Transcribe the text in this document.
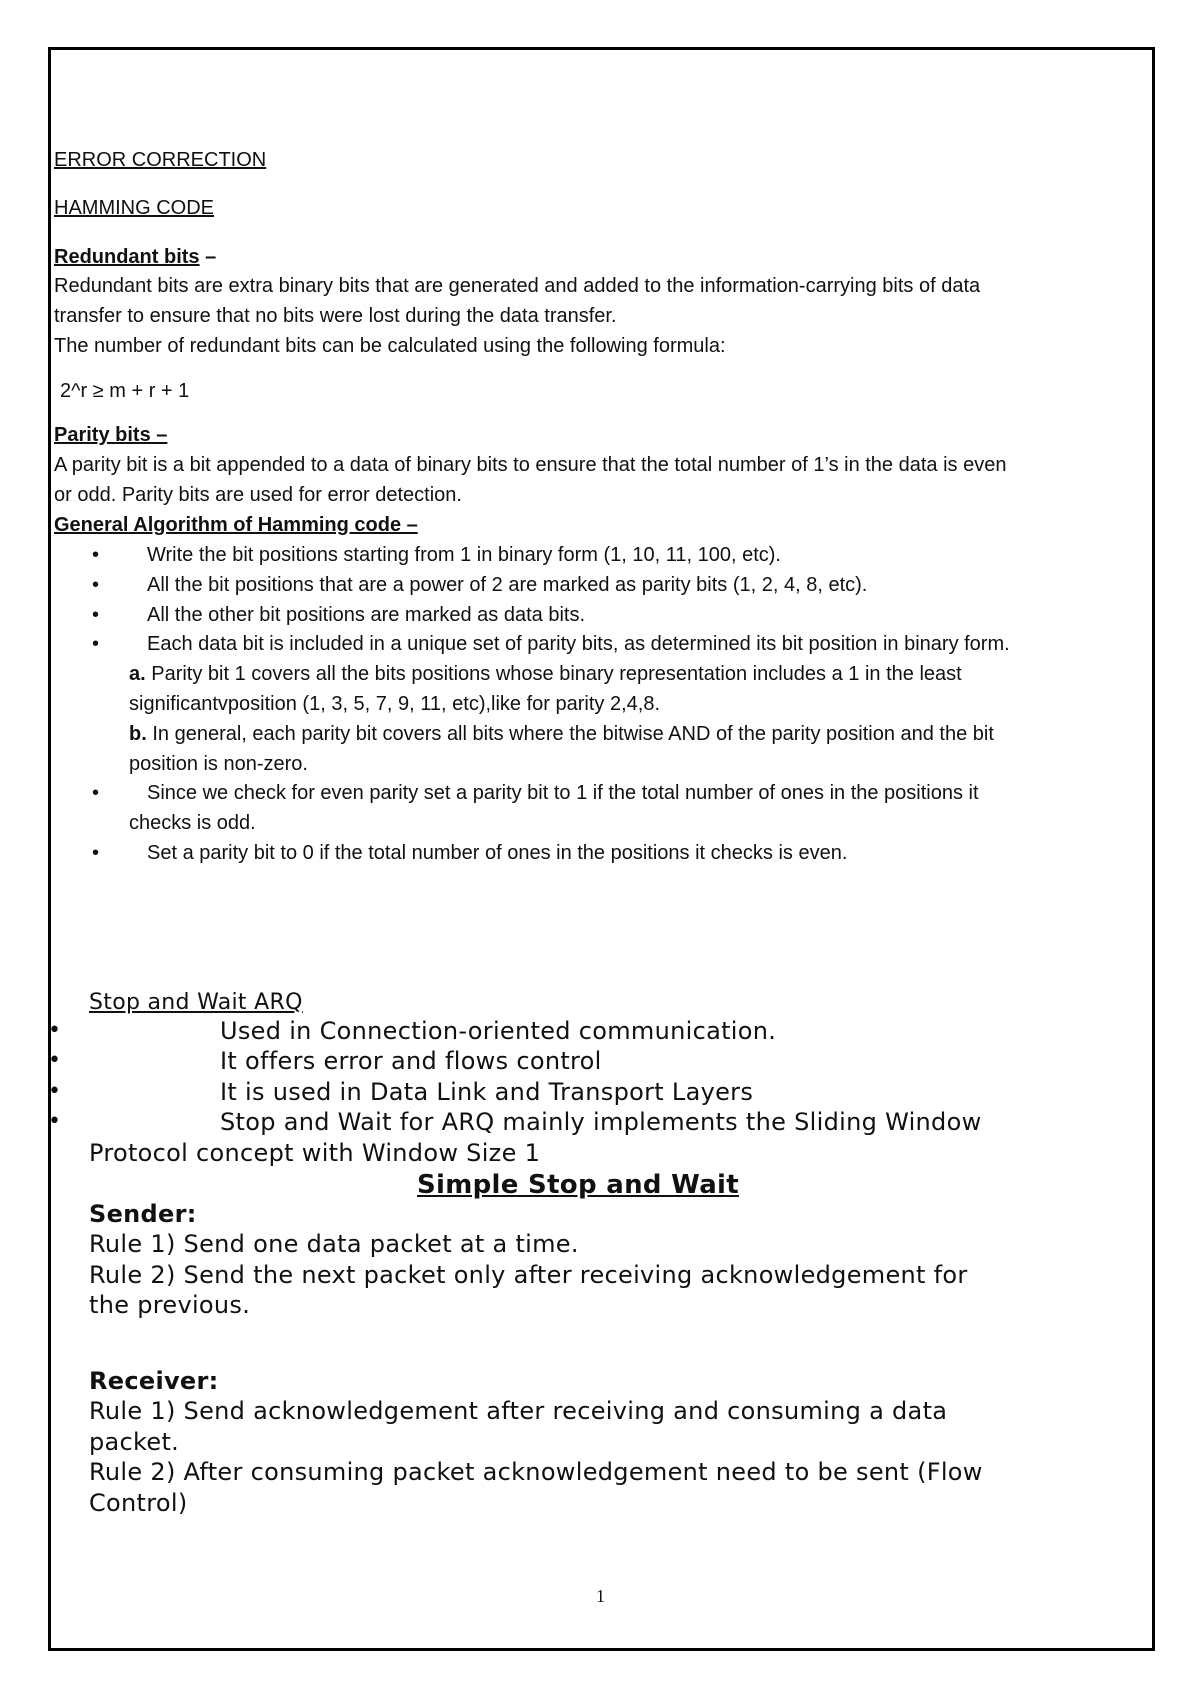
ERROR CORRECTION
HAMMING CODE
Redundant bits –
Redundant bits are extra binary bits that are generated and added to the information-carrying bits of data
transfer to ensure that no bits were lost during the data transfer.
The number of redundant bits can be calculated using the following formula:
2^r ≥ m + r + 1
Parity bits –
A parity bit is a bit appended to a data of binary bits to ensure that the total number of 1’s in the data is even
or odd. Parity bits are used for error detection.
General Algorithm of Hamming code –
• Write the bit positions starting from 1 in binary form (1, 10, 11, 100, etc).
• All the bit positions that are a power of 2 are marked as parity bits (1, 2, 4, 8, etc).
• All the other bit positions are marked as data bits.
• Each data bit is included in a unique set of parity bits, as determined its bit position in binary form.
a. Parity bit 1 covers all the bits positions whose binary representation includes a 1 in the least
significantvposition (1, 3, 5, 7, 9, 11, etc),like for parity 2,4,8.
b. In general, each parity bit covers all bits where the bitwise AND of the parity position and the bit
position is non-zero.
• Since we check for even parity set a parity bit to 1 if the total number of ones in the positions it
checks is odd.
• Set a parity bit to 0 if the total number of ones in the positions it checks is even.
Stop and Wait ARQ
•	Used in Connection-oriented communication.
•	It offers error and flows control
•	It is used in Data Link and Transport Layers
•	Stop and Wait for ARQ mainly implements the Sliding Window
Protocol concept with Window Size 1
Simple Stop and Wait
Sender:
Rule 1) Send one data packet at a time.
Rule 2) Send the next packet only after receiving acknowledgement for
the previous.
Receiver:
Rule 1) Send acknowledgement after receiving and consuming a data
packet.
Rule 2) After consuming packet acknowledgement need to be sent (Flow
Control)
1
